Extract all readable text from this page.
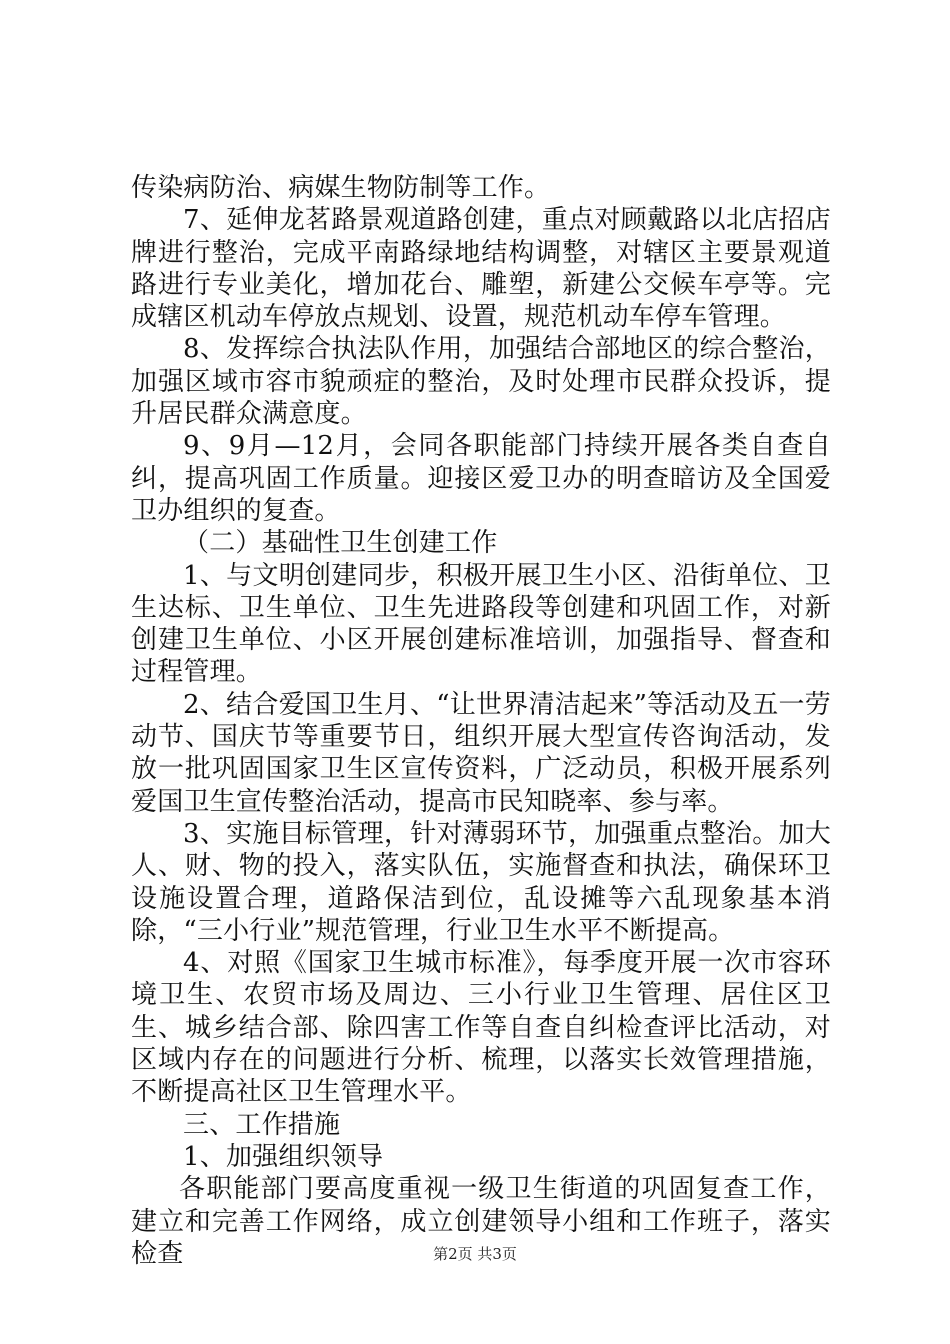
传染病防治、病媒生物防制等工作。

7、延伸龙茗路景观道路创建，重点对顾戴路以北店招店牌进行整治，完成平南路绿地结构调整，对辖区主要景观道路进行专业美化，增加花台、雕塑，新建公交候车亭等。完成辖区机动车停放点规划、设置，规范机动车停车管理。

8、发挥综合执法队作用，加强结合部地区的综合整治，加强区域市容市貌顽症的整治，及时处理市民群众投诉，提升居民群众满意度。

9、9月—12月，会同各职能部门持续开展各类自查自纠，提高巩固工作质量。迎接区爱卫办的明查暗访及全国爱卫办组织的复查。

（二）基础性卫生创建工作

1、与文明创建同步，积极开展卫生小区、沿街单位、卫生达标、卫生单位、卫生先进路段等创建和巩固工作，对新创建卫生单位、小区开展创建标准培训，加强指导、督查和过程管理。

2、结合爱国卫生月、“让世界清洁起来”等活动及五一劳动节、国庆节等重要节日，组织开展大型宣传咨询活动，发放一批巩固国家卫生区宣传资料，广泛动员，积极开展系列爱国卫生宣传整治活动，提高市民知晓率、参与率。

3、实施目标管理，针对薄弱环节，加强重点整治。加大人、财、物的投入，落实队伍，实施督查和执法，确保环卫设施设置合理，道路保洁到位，乱设摊等六乱现象基本消除，“三小行业”规范管理，行业卫生水平不断提高。

4、对照《国家卫生城市标准》，每季度开展一次市容环境卫生、农贸市场及周边、三小行业卫生管理、居住区卫生、城乡结合部、除四害工作等自查自纠检查评比活动，对区域内存在的问题进行分析、梳理，以落实长效管理措施，不断提高社区卫生管理水平。

三、工作措施

1、加强组织领导

各职能部门要高度重视一级卫生街道的巩固复查工作，建立和完善工作网络，成立创建领导小组和工作班子，落实检查	第2页 共3页
